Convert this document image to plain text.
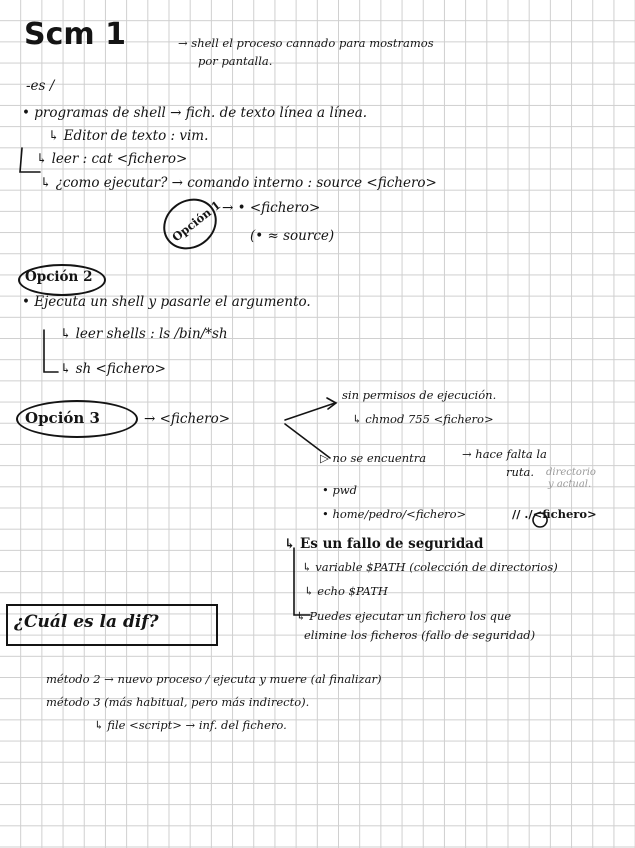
Scm 1	→ shell el proceso cannado para mostramos
por pantalla.
-es /
• programas de shell → fich. de texto línea a línea.
↳ Editor de texto : vim.
↳ leer : cat <fichero>
↳ ¿como ejecutar? → comando interno : source <fichero>
Opción 1
→ • <fichero>
(• ≈ source)
Opción 2
• Ejecuta un shell y pasarle el argumento.
↳ leer shells : ls /bin/*sh
↳ sh <fichero>
Opción 3	→ <fichero>
sin permisos de ejecución.
↳ chmod 755 <fichero>
▷ no se encuentra	→ hace falta la
ruta. directorio
y actual.
• pwd
• home/pedro/<fichero>	// ./<fichero>
↳ Es un fallo de seguridad
↳ variable $PATH (colección de directorios)
↳ echo $PATH
↳ Puedes ejecutar un fichero los que
elimine los ficheros (fallo de seguridad)
¿Cuál es la dif?
método 2 → nuevo proceso / ejecuta y muere (al finalizar)
método 3 (más habitual, pero más indirecto).
↳ file <script> → inf. del fichero.
